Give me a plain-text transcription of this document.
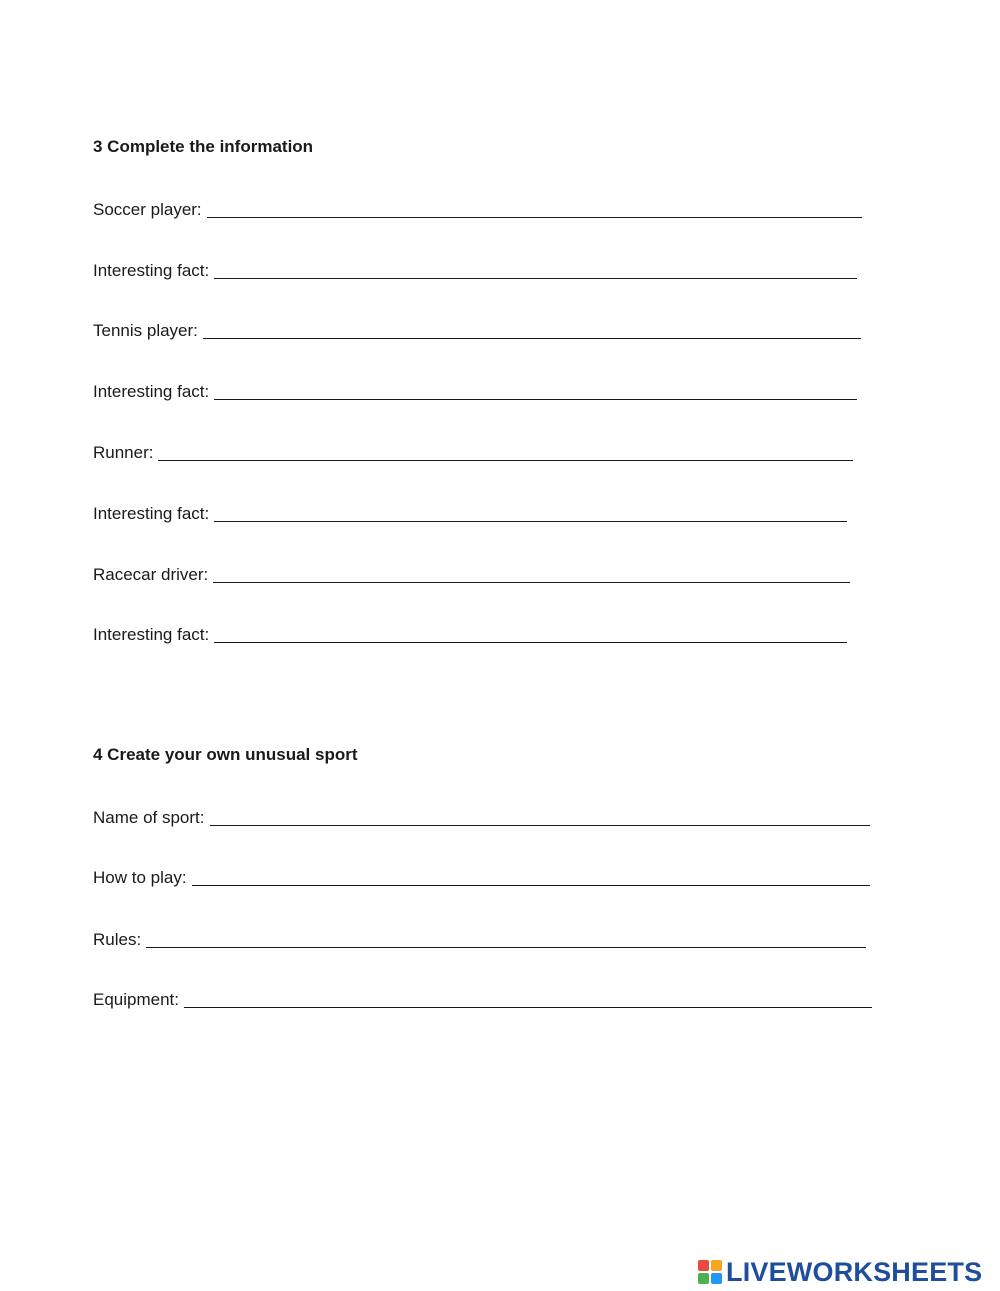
3 Complete the information
Soccer player:
Interesting fact:
Tennis player:
Interesting fact:
Runner:
Interesting fact:
Racecar driver:
Interesting fact:
4 Create your own unusual sport
Name of sport:
How to play:
Rules:
Equipment:
LIVEWORKSHEETS
